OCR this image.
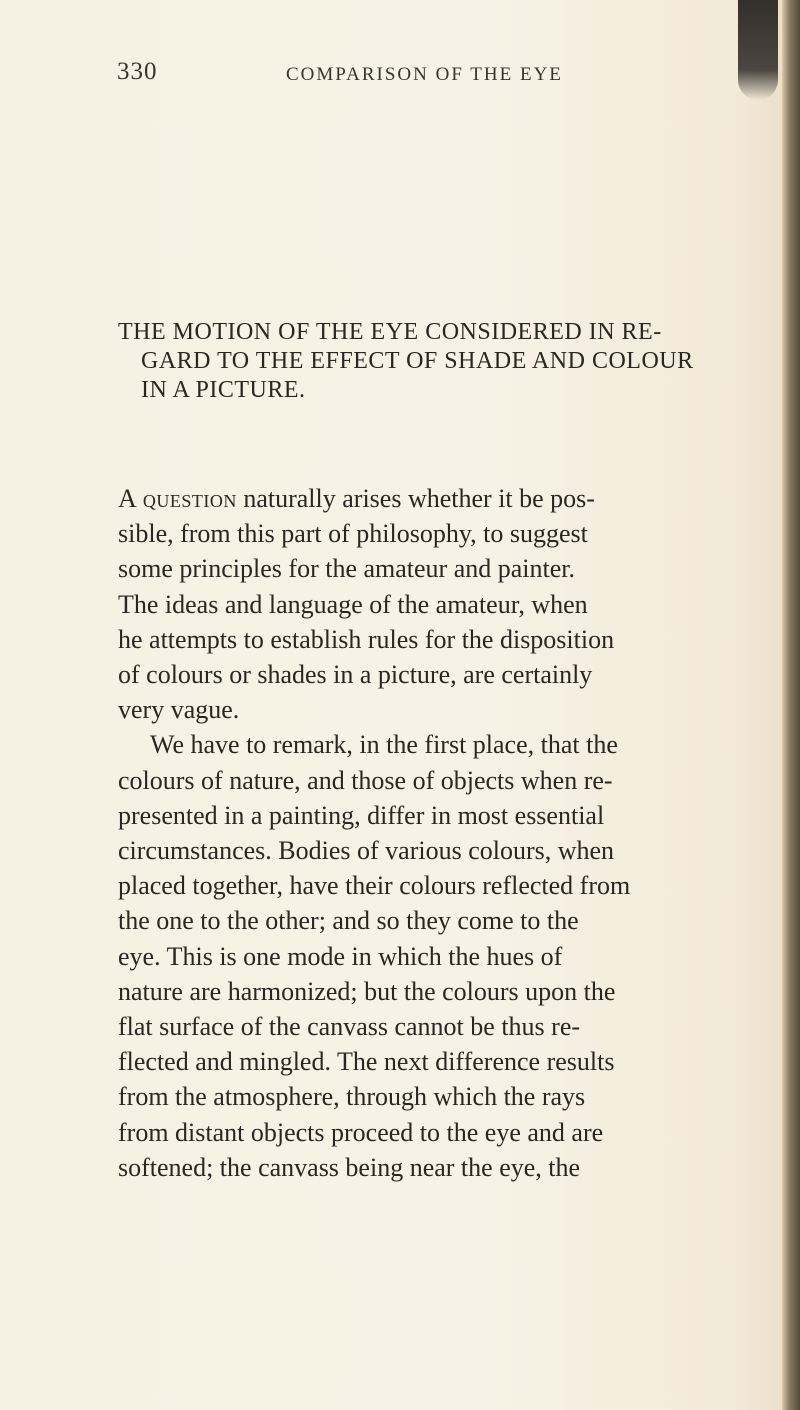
330	COMPARISON OF THE EYE
THE MOTION OF THE EYE CONSIDERED IN RE-
GARD TO THE EFFECT OF SHADE AND COLOUR
IN A PICTURE.
A question naturally arises whether it be pos-
sible, from this part of philosophy, to suggest
some principles for the amateur and painter.
The ideas and language of the amateur, when
he attempts to establish rules for the disposition
of colours or shades in a picture, are certainly
very vague.
We have to remark, in the first place, that the
colours of nature, and those of objects when re-
presented in a painting, differ in most essential
circumstances. Bodies of various colours, when
placed together, have their colours reflected from
the one to the other; and so they come to the
eye. This is one mode in which the hues of
nature are harmonized; but the colours upon the
flat surface of the canvass cannot be thus re-
flected and mingled. The next difference results
from the atmosphere, through which the rays
from distant objects proceed to the eye and are
softened; the canvass being near the eye, the
